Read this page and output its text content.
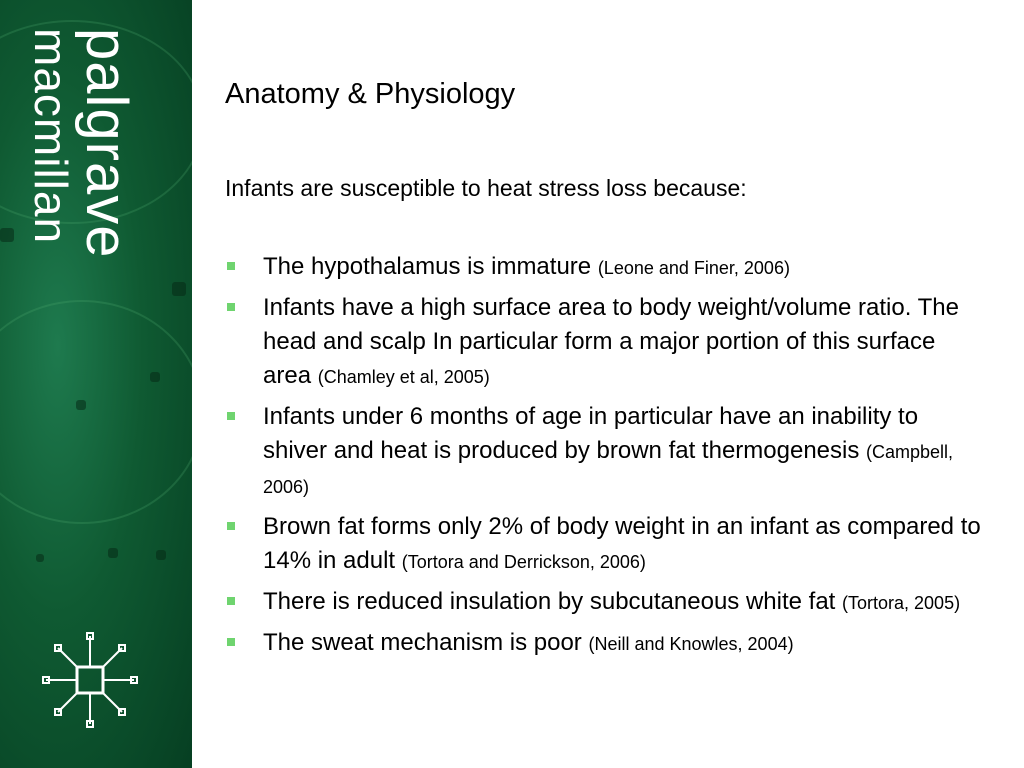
palgrave
macmillan	Anatomy & Physiology

Infants are susceptible to heat stress loss because:

The hypothalamus is immature (Leone and Finer, 2006)
Infants have a high surface area to body weight/volume ratio. The head and scalp In particular form a major portion of this surface area (Chamley et al, 2005)
Infants under 6 months of age in particular have an inability to shiver and heat is produced by brown fat thermogenesis (Campbell, 2006)
Brown fat forms only 2% of body weight in an infant as compared to 14% in adult (Tortora and Derrickson, 2006)
There is reduced insulation by subcutaneous white fat (Tortora, 2005)
The sweat mechanism is poor (Neill and Knowles, 2004)
